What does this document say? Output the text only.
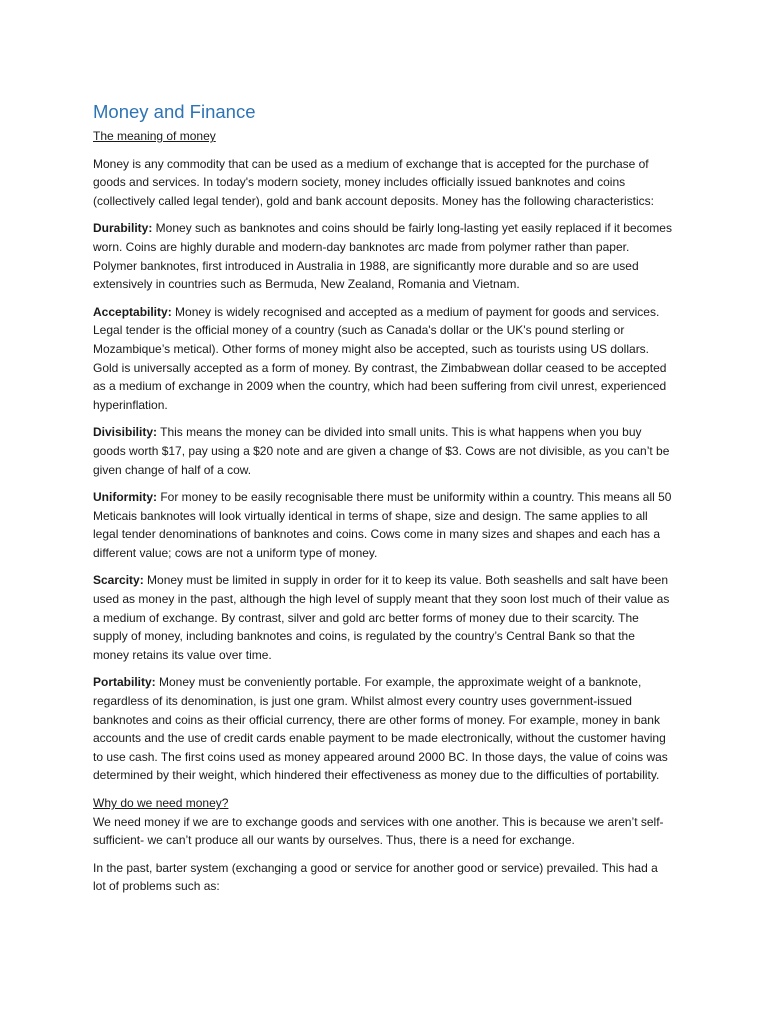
Money and Finance

The meaning of money

Money is any commodity that can be used as a medium of exchange that is accepted for the purchase of goods and services. In today's modern society, money includes officially issued banknotes and coins (collectively called legal tender), gold and bank account deposits. Money has the following characteristics:

Durability: Money such as banknotes and coins should be fairly long-lasting yet easily replaced if it becomes worn. Coins are highly durable and modern-day banknotes arc made from polymer rather than paper. Polymer banknotes, first introduced in Australia in 1988, are significantly more durable and so are used extensively in countries such as Bermuda, New Zealand, Romania and Vietnam.

Acceptability: Money is widely recognised and accepted as a medium of payment for goods and services. Legal tender is the official money of a country (such as Canada's dollar or the UK's pound sterling or Mozambique’s metical). Other forms of money might also be accepted, such as tourists using US dollars. Gold is universally accepted as a form of money. By contrast, the Zimbabwean dollar ceased to be accepted as a medium of exchange in 2009 when the country, which had been suffering from civil unrest, experienced hyperinflation.

Divisibility: This means the money can be divided into small units. This is what happens when you buy goods worth $17, pay using a $20 note and are given a change of $3. Cows are not divisible, as you can’t be given change of half of a cow.

Uniformity: For money to be easily recognisable there must be uniformity within a country. This means all 50 Meticais banknotes will look virtually identical in terms of shape, size and design. The same applies to all legal tender denominations of banknotes and coins. Cows come in many sizes and shapes and each has a different value; cows are not a uniform type of money.

Scarcity: Money must be limited in supply in order for it to keep its value. Both seashells and salt have been used as money in the past, although the high level of supply meant that they soon lost much of their value as a medium of exchange. By contrast, silver and gold arc better forms of money due to their scarcity. The supply of money, including banknotes and coins, is regulated by the country’s Central Bank so that the money retains its value over time.

Portability: Money must be conveniently portable. For example, the approximate weight of a banknote, regardless of its denomination, is just one gram. Whilst almost every country uses government-issued banknotes and coins as their official currency, there are other forms of money. For example, money in bank accounts and the use of credit cards enable payment to be made electronically, without the customer having to use cash. The first coins used as money appeared around 2000 BC. In those days, the value of coins was determined by their weight, which hindered their effectiveness as money due to the difficulties of portability.

Why do we need money?

We need money if we are to exchange goods and services with one another. This is because we aren’t self-sufficient- we can’t produce all our wants by ourselves. Thus, there is a need for exchange.

In the past, barter system (exchanging a good or service for another good or service) prevailed. This had a lot of problems such as:
